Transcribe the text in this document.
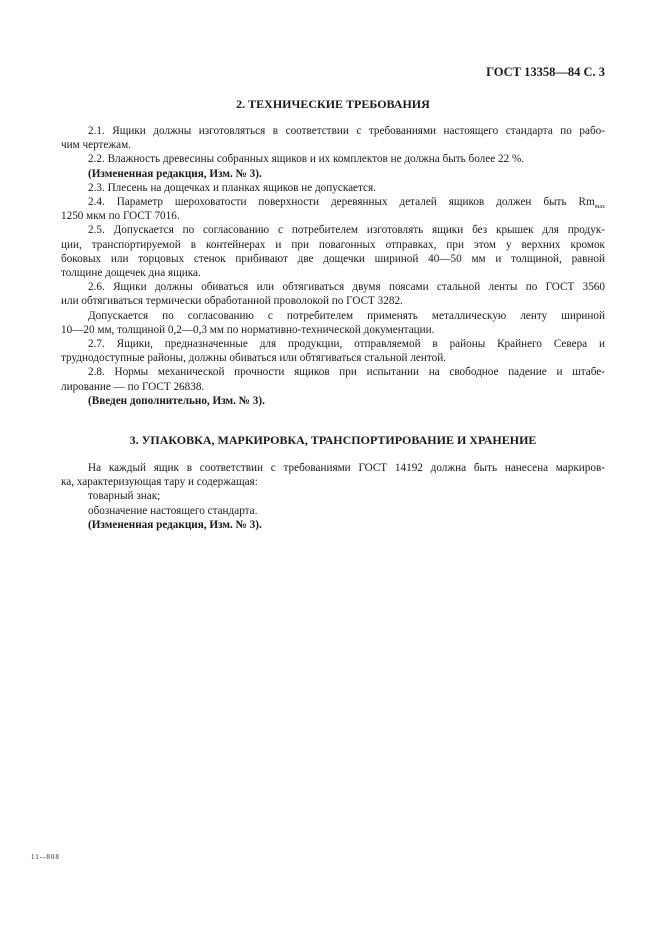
ГОСТ 13358—84 С. 3
2. ТЕХНИЧЕСКИЕ ТРЕБОВАНИЯ
2.1. Ящики должны изготовляться в соответствии с требованиями настоящего стандарта по рабо-
чим чертежам.
2.2. Влажность древесины собранных ящиков и их комплектов не должна быть более 22 %.
(Измененная редакция, Изм. № 3).
2.3. Плесень на дощечках и планках ящиков не допускается.
2.4. Параметр шероховатости поверхности деревянных деталей ящиков должен быть $Rm_{max}$
1250 мкм по ГОСТ 7016.
2.5. Допускается по согласованию с потребителем изготовлять ящики без крышек для продук-
ции, транспортируемой в контейнерах и при повагонных отправках, при этом у верхних кромок
боковых или торцовых стенок прибивают две дощечки шириной 40—50 мм и толщиной, равной
толщине дощечек дна ящика.
2.6. Ящики должны обиваться или обтягиваться двумя поясами стальной ленты по ГОСТ 3560
или обтягиваться термически обработанной проволокой по ГОСТ 3282.
Допускается по согласованию с потребителем применять металлическую ленту шириной
10—20 мм, толщиной 0,2—0,3 мм по нормативно-технической документации.
2.7. Ящики, предназначенные для продукции, отправляемой в районы Крайнего Севера и
труднодоступные районы, должны обиваться или обтягиваться стальной лентой.
2.8. Нормы механической прочности ящиков при испытании на свободное падение и штабе-
лирование — по ГОСТ 26838.
(Введен дополнительно, Изм. № 3).
3. УПАКОВКА, МАРКИРОВКА, ТРАНСПОРТИРОВАНИЕ И ХРАНЕНИЕ
На каждый ящик в соответствии с требованиями ГОСТ 14192 должна быть нанесена маркиров-
ка, характеризующая тару и содержащая:
товарный знак;
обозначение настоящего стандарта.
(Измененная редакция, Изм. № 3).
11--808
